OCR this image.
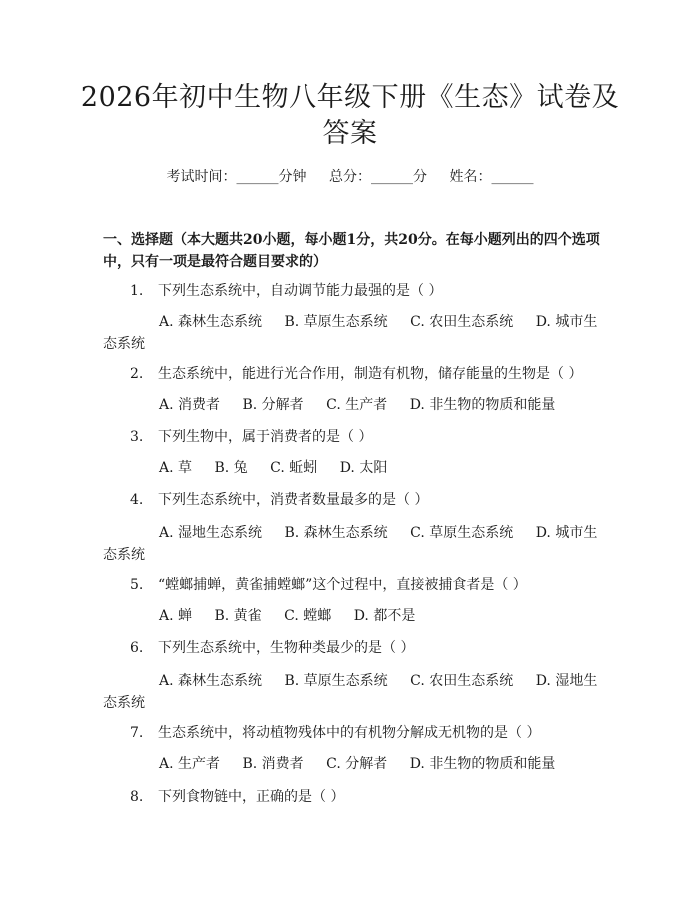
2026年初中生物八年级下册《生态》试卷及答案
考试时间：______分钟 总分：______分 姓名：______
一、选择题（本大题共20小题，每小题1分，共20分。在每小题列出的四个选项中，只有一项是最符合题目要求的）
1. 下列生态系统中，自动调节能力最强的是（ ）
A. 森林生态系统 B. 草原生态系统 C. 农田生态系统 D. 城市生态系统
2. 生态系统中，能进行光合作用，制造有机物，储存能量的生物是（ ）
A. 消费者 B. 分解者 C. 生产者 D. 非生物的物质和能量
3. 下列生物中，属于消费者的是（ ）
A. 草 B. 兔 C. 蚯蚓 D. 太阳
4. 下列生态系统中，消费者数量最多的是（ ）
A. 湿地生态系统 B. 森林生态系统 C. 草原生态系统 D. 城市生态系统
5. “螳螂捕蝉，黄雀捕螳螂”这个过程中，直接被捕食者是（ ）
A. 蝉 B. 黄雀 C. 螳螂 D. 都不是
6. 下列生态系统中，生物种类最少的是（ ）
A. 森林生态系统 B. 草原生态系统 C. 农田生态系统 D. 湿地生态系统
7. 生态系统中，将动植物残体中的有机物分解成无机物的是（ ）
A. 生产者 B. 消费者 C. 分解者 D. 非生物的物质和能量
8. 下列食物链中，正确的是（ ）
